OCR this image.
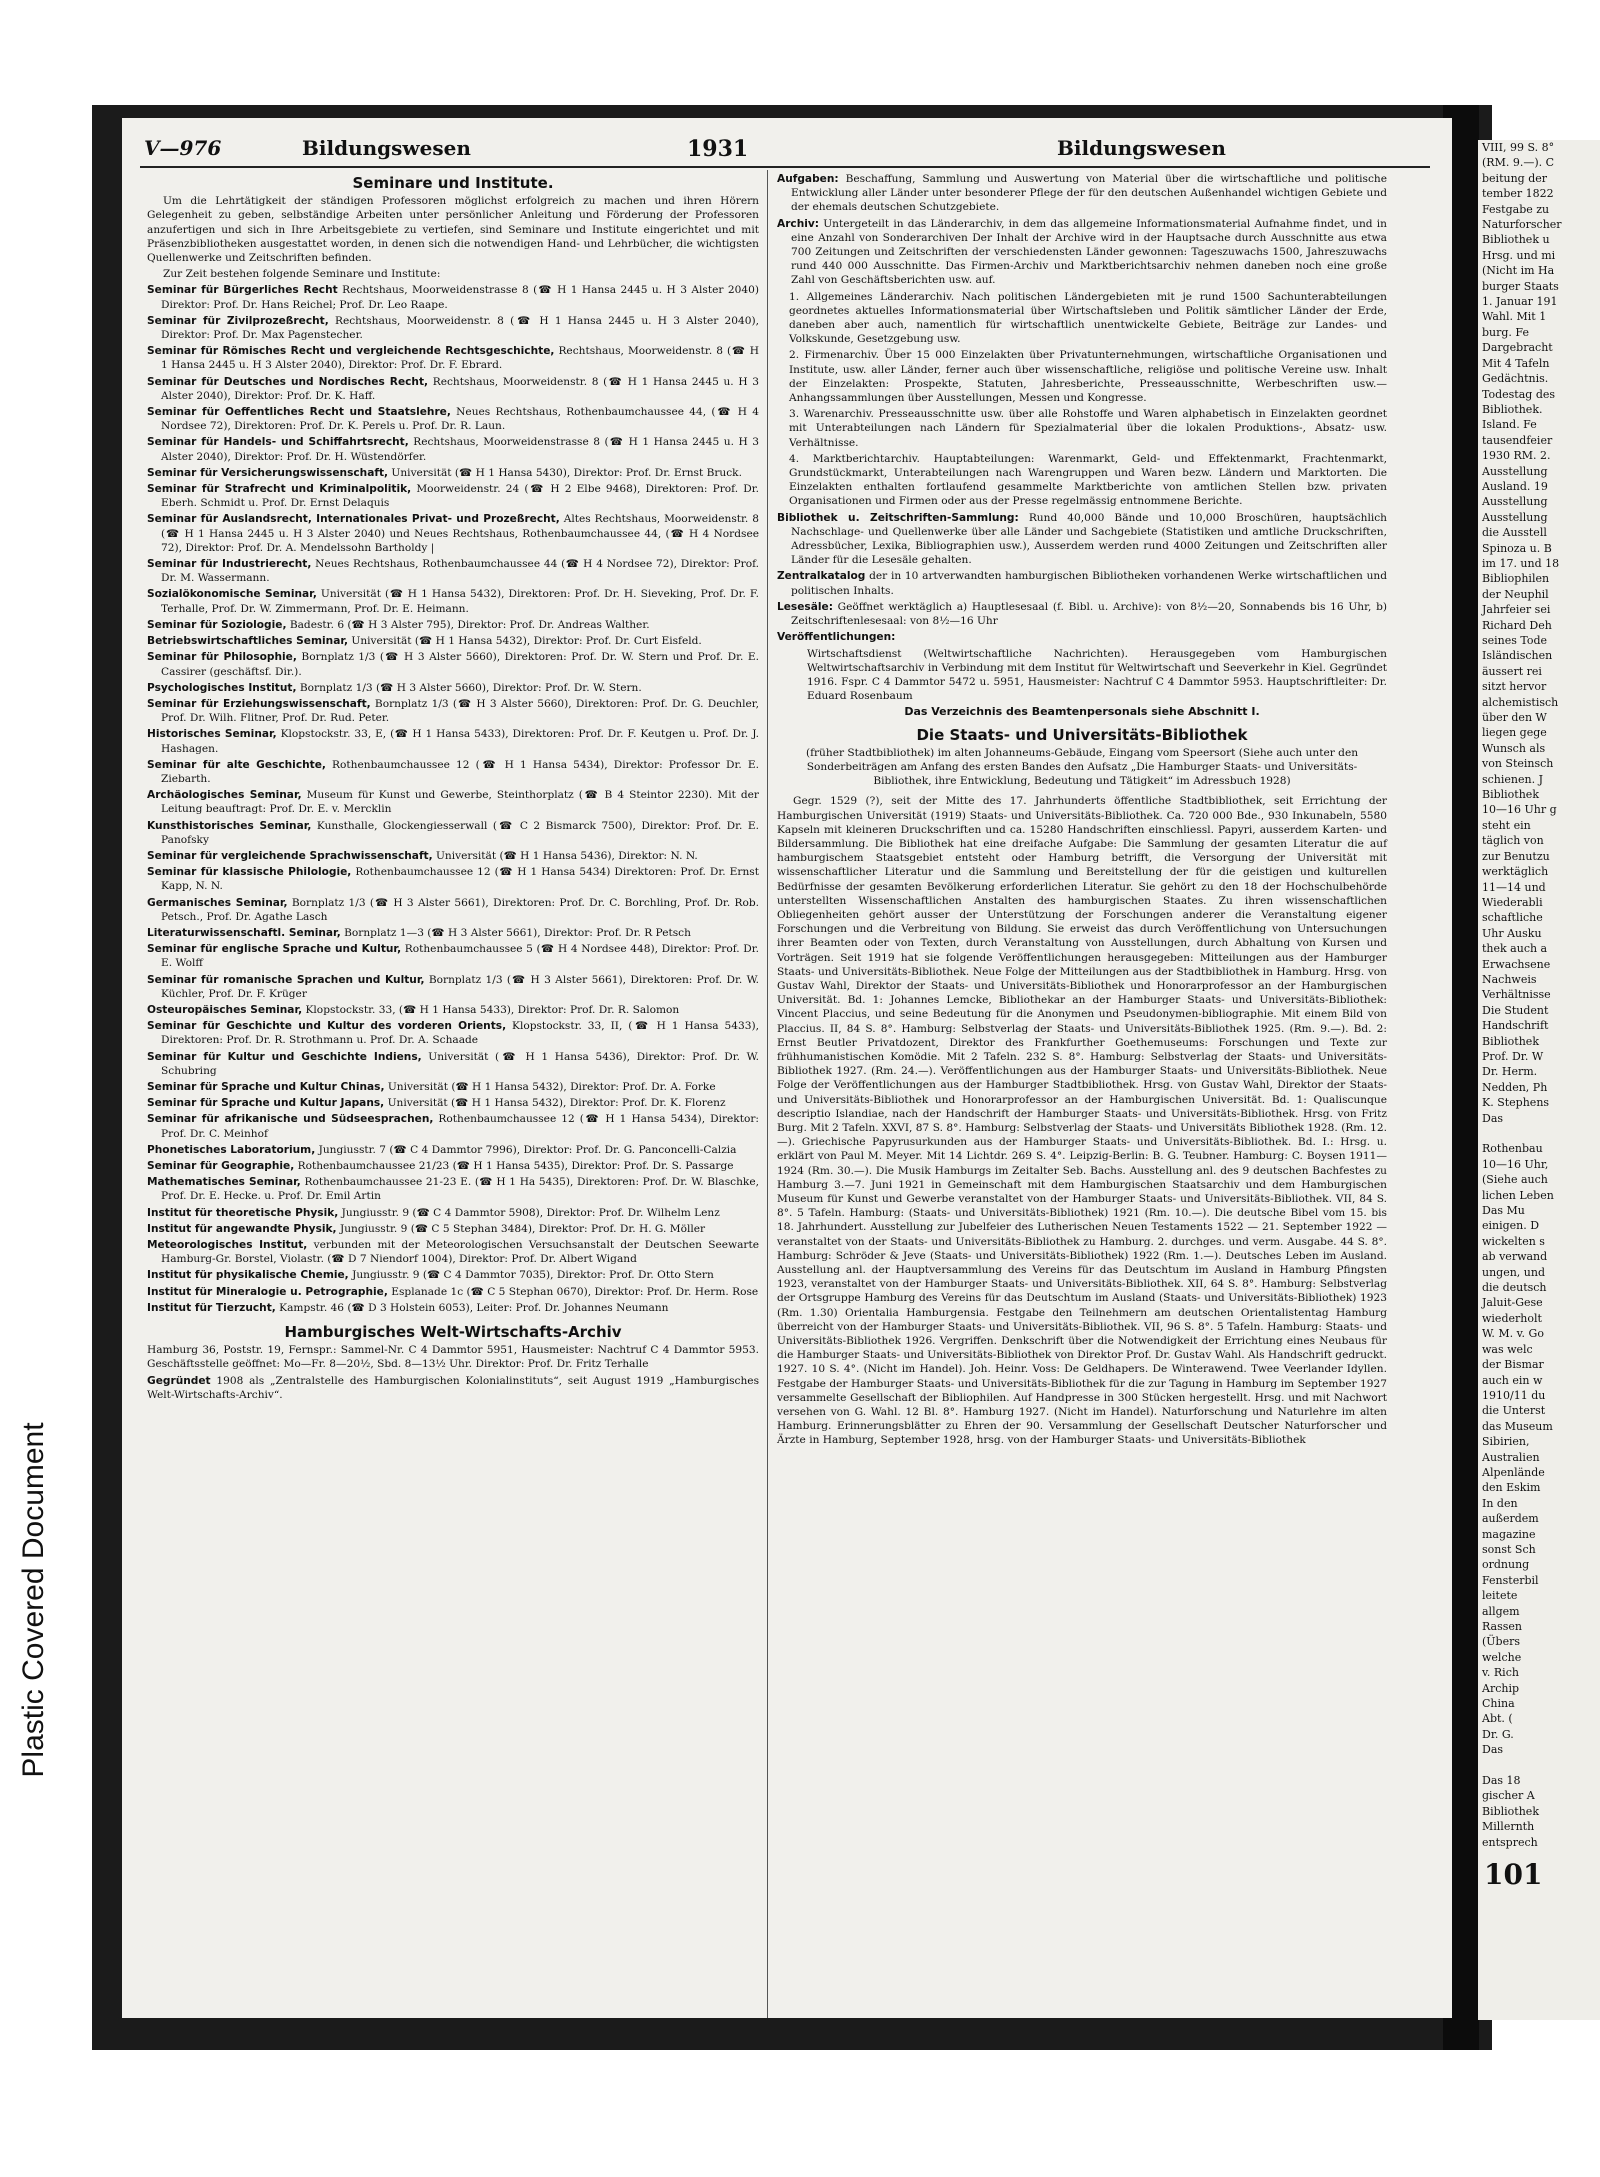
Plastic Covered Document
VIII, 99 S. 8°
(RM. 9.—). C
beitung der
tember 1822
Festgabe zu
Naturforscher
Bibliothek u
Hrsg. und mi
(Nicht im Ha
burger Staats
1. Januar 191
Wahl. Mit 1
burg. Fe
Dargebracht
Mit 4 Tafeln
Gedächtnis.
Todestag des
Bibliothek.
Island. Fe
tausendfeier
1930 RM. 2.
Ausstellung
Ausland. 19
Ausstellung
Ausstellung
die Ausstell
Spinoza u. B
im 17. und 18
Bibliophilen
der Neuphil
Jahrfeier sei
Richard Deh
seines Tode
Isländischen
äussert rei
sitzt hervor
alchemistisch
über den W
liegen gege
Wunsch als
von Steinsch
schienen. J
Bibliothek
10—16 Uhr g
steht ein
täglich von
zur Benutzu
werktäglich
11—14 und
Wiederabli
schaftliche
Uhr Ausku
thek auch a
Erwachsene
Nachweis
Verhältnisse
Die Student
Handschrift
Bibliothek
Prof. Dr. W
Dr. Herm.
Nedden, Ph
K. Stephens
Das

Rothenbau
10—16 Uhr,
(Siehe auch
lichen Leben
Das Mu
einigen. D
wickelten s
ab verwand
ungen, und
die deutsch
Jaluit-Gese
wiederholt
W. M. v. Go
was welc
der Bismar
auch ein w
1910/11 du
die Unterst
das Museum
Sibirien,
Australien
Alpenlände
den Eskim
In den
außerdem
magazine
sonst Sch
ordnung
Fensterbil
leitete
allgem
Rassen
(Übers
welche
v. Rich
Archip
China
Abt. (
Dr. G.
Das

Das 18
gischer A
Bibliothek
Millernth
entsprech
101
V—976	Bildungswesen	1931	Bildungswesen
Seminare und Institute.
Um die Lehrtätigkeit der ständigen Professoren möglichst erfolgreich zu machen und ihren Hörern Gelegenheit zu geben, selbständige Arbeiten unter persönlicher Anleitung und Förderung der Professoren anzufertigen und sich in Ihre Arbeitsgebiete zu vertiefen, sind Seminare und Institute eingerichtet und mit Präsenzbibliotheken ausgestattet worden, in denen sich die notwendigen Hand- und Lehrbücher, die wichtigsten Quellenwerke und Zeitschriften befinden.
Zur Zeit bestehen folgende Seminare und Institute:
Seminar für Bürgerliches Recht Rechtshaus, Moorweidenstrasse 8 (☎ H 1 Hansa 2445 u. H 3 Alster 2040) Direktor: Prof. Dr. Hans Reichel; Prof. Dr. Leo Raape.
Seminar für Zivilprozeßrecht, Rechtshaus, Moorweidenstr. 8 (☎ H 1 Hansa 2445 u. H 3 Alster 2040), Direktor: Prof. Dr. Max Pagenstecher.
Seminar für Römisches Recht und vergleichende Rechtsgeschichte, Rechtshaus, Moorweidenstr. 8 (☎ H 1 Hansa 2445 u. H 3 Alster 2040), Direktor: Prof. Dr. F. Ebrard.
Seminar für Deutsches und Nordisches Recht, Rechtshaus, Moorweidenstr. 8 (☎ H 1 Hansa 2445 u. H 3 Alster 2040), Direktor: Prof. Dr. K. Haff.
Seminar für Oeffentliches Recht und Staatslehre, Neues Rechtshaus, Rothenbaumchaussee 44, (☎ H 4 Nordsee 72), Direktoren: Prof. Dr. K. Perels u. Prof. Dr. R. Laun.
Seminar für Handels- und Schiffahrtsrecht, Rechtshaus, Moorweidenstrasse 8 (☎ H 1 Hansa 2445 u. H 3 Alster 2040), Direktor: Prof. Dr. H. Wüstendörfer.
Seminar für Versicherungswissenschaft, Universität (☎ H 1 Hansa 5430), Direktor: Prof. Dr. Ernst Bruck.
Seminar für Strafrecht und Kriminalpolitik, Moorweidenstr. 24 (☎ H 2 Elbe 9468), Direktoren: Prof. Dr. Eberh. Schmidt u. Prof. Dr. Ernst Delaquis
Seminar für Auslandsrecht, Internationales Privat- und Prozeßrecht, Altes Rechtshaus, Moorweidenstr. 8 (☎ H 1 Hansa 2445 u. H 3 Alster 2040) und Neues Rechtshaus, Rothenbaumchaussee 44, (☎ H 4 Nordsee 72), Direktor: Prof. Dr. A. Mendelssohn Bartholdy |
Seminar für Industrierecht, Neues Rechtshaus, Rothenbaumchaussee 44 (☎ H 4 Nordsee 72), Direktor: Prof. Dr. M. Wassermann.
Sozialökonomische Seminar, Universität (☎ H 1 Hansa 5432), Direktoren: Prof. Dr. H. Sieveking, Prof. Dr. F. Terhalle, Prof. Dr. W. Zimmermann, Prof. Dr. E. Heimann.
Seminar für Soziologie, Badestr. 6 (☎ H 3 Alster 795), Direktor: Prof. Dr. Andreas Walther.
Betriebswirtschaftliches Seminar, Universität (☎ H 1 Hansa 5432), Direktor: Prof. Dr. Curt Eisfeld.
Seminar für Philosophie, Bornplatz 1/3 (☎ H 3 Alster 5660), Direktoren: Prof. Dr. W. Stern und Prof. Dr. E. Cassirer (geschäftsf. Dir.).
Psychologisches Institut, Bornplatz 1/3 (☎ H 3 Alster 5660), Direktor: Prof. Dr. W. Stern.
Seminar für Erziehungswissenschaft, Bornplatz 1/3 (☎ H 3 Alster 5660), Direktoren: Prof. Dr. G. Deuchler, Prof. Dr. Wilh. Flitner, Prof. Dr. Rud. Peter.
Historisches Seminar, Klopstockstr. 33, E, (☎ H 1 Hansa 5433), Direktoren: Prof. Dr. F. Keutgen u. Prof. Dr. J. Hashagen.
Seminar für alte Geschichte, Rothenbaumchaussee 12 (☎ H 1 Hansa 5434), Direktor: Professor Dr. E. Ziebarth.
Archäologisches Seminar, Museum für Kunst und Gewerbe, Steinthorplatz (☎ B 4 Steintor 2230). Mit der Leitung beauftragt: Prof. Dr. E. v. Mercklin
Kunsthistorisches Seminar, Kunsthalle, Glockengiesserwall (☎ C 2 Bismarck 7500), Direktor: Prof. Dr. E. Panofsky
Seminar für vergleichende Sprachwissenschaft, Universität (☎ H 1 Hansa 5436), Direktor: N. N.
Seminar für klassische Philologie, Rothenbaumchaussee 12 (☎ H 1 Hansa 5434) Direktoren: Prof. Dr. Ernst Kapp, N. N.
Germanisches Seminar, Bornplatz 1/3 (☎ H 3 Alster 5661), Direktoren: Prof. Dr. C. Borchling, Prof. Dr. Rob. Petsch., Prof. Dr. Agathe Lasch
Literaturwissenschaftl. Seminar, Bornplatz 1—3 (☎ H 3 Alster 5661), Direktor: Prof. Dr. R Petsch
Seminar für englische Sprache und Kultur, Rothenbaumchaussee 5 (☎ H 4 Nordsee 448), Direktor: Prof. Dr. E. Wolff
Seminar für romanische Sprachen und Kultur, Bornplatz 1/3 (☎ H 3 Alster 5661), Direktoren: Prof. Dr. W. Küchler, Prof. Dr. F. Krüger
Osteuropäisches Seminar, Klopstockstr. 33, (☎ H 1 Hansa 5433), Direktor: Prof. Dr. R. Salomon
Seminar für Geschichte und Kultur des vorderen Orients, Klopstockstr. 33, II, (☎ H 1 Hansa 5433), Direktoren: Prof. Dr. R. Strothmann u. Prof. Dr. A. Schaade
Seminar für Kultur und Geschichte Indiens, Universität (☎ H 1 Hansa 5436), Direktor: Prof. Dr. W. Schubring
Seminar für Sprache und Kultur Chinas, Universität (☎ H 1 Hansa 5432), Direktor: Prof. Dr. A. Forke
Seminar für Sprache und Kultur Japans, Universität (☎ H 1 Hansa 5432), Direktor: Prof. Dr. K. Florenz
Seminar für afrikanische und Südseesprachen, Rothenbaumchaussee 12 (☎ H 1 Hansa 5434), Direktor: Prof. Dr. C. Meinhof
Phonetisches Laboratorium, Jungiusstr. 7 (☎ C 4 Dammtor 7996), Direktor: Prof. Dr. G. Panconcelli-Calzia
Seminar für Geographie, Rothenbaumchaussee 21/23 (☎ H 1 Hansa 5435), Direktor: Prof. Dr. S. Passarge
Mathematisches Seminar, Rothenbaumchaussee 21-23 E. (☎ H 1 Ha 5435), Direktoren: Prof. Dr. W. Blaschke, Prof. Dr. E. Hecke. u. Prof. Dr. Emil Artin
Institut für theoretische Physik, Jungiusstr. 9 (☎ C 4 Dammtor 5908), Direktor: Prof. Dr. Wilhelm Lenz
Institut für angewandte Physik, Jungiusstr. 9 (☎ C 5 Stephan 3484), Direktor: Prof. Dr. H. G. Möller
Meteorologisches Institut, verbunden mit der Meteorologischen Versuchsanstalt der Deutschen Seewarte Hamburg-Gr. Borstel, Violastr. (☎ D 7 Niendorf 1004), Direktor: Prof. Dr. Albert Wigand
Institut für physikalische Chemie, Jungiusstr. 9 (☎ C 4 Dammtor 7035), Direktor: Prof. Dr. Otto Stern
Institut für Mineralogie u. Petrographie, Esplanade 1c (☎ C 5 Stephan 0670), Direktor: Prof. Dr. Herm. Rose
Institut für Tierzucht, Kampstr. 46 (☎ D 3 Holstein 6053), Leiter: Prof. Dr. Johannes Neumann
Hamburgisches Welt-Wirtschafts-Archiv
Hamburg 36, Poststr. 19, Fernspr.: Sammel-Nr. C 4 Dammtor 5951, Hausmeister: Nachtruf C 4 Dammtor 5953. Geschäftsstelle geöffnet: Mo—Fr. 8—20½, Sbd. 8—13½ Uhr. Direktor: Prof. Dr. Fritz Terhalle
Gegründet 1908 als „Zentralstelle des Hamburgischen Kolonialinstituts“, seit August 1919 „Hamburgisches Welt-Wirtschafts-Archiv“.
Aufgaben: Beschaffung, Sammlung und Auswertung von Material über die wirtschaftliche und politische Entwicklung aller Länder unter besonderer Pflege der für den deutschen Außenhandel wichtigen Gebiete und der ehemals deutschen Schutzgebiete.
Archiv: Untergeteilt in das Länderarchiv, in dem das allgemeine Informationsmaterial Aufnahme findet, und in eine Anzahl von Sonderarchiven Der Inhalt der Archive wird in der Hauptsache durch Ausschnitte aus etwa 700 Zeitungen und Zeitschriften der verschiedensten Länder gewonnen: Tageszuwachs 1500, Jahreszuwachs rund 440 000 Ausschnitte. Das Firmen-Archiv und Marktberichtsarchiv nehmen daneben noch eine große Zahl von Geschäftsberichten usw. auf.
1. Allgemeines Länderarchiv. Nach politischen Ländergebieten mit je rund 1500 Sachunterabteilungen geordnetes aktuelles Informationsmaterial über Wirtschaftsleben und Politik sämtlicher Länder der Erde, daneben aber auch, namentlich für wirtschaftlich unentwickelte Gebiete, Beiträge zur Landes- und Volkskunde, Gesetzgebung usw.
2. Firmenarchiv. Über 15 000 Einzelakten über Privatunternehmungen, wirtschaftliche Organisationen und Institute, usw. aller Länder, ferner auch über wissenschaftliche, religiöse und politische Vereine usw. Inhalt der Einzelakten: Prospekte, Statuten, Jahresberichte, Presseausschnitte, Werbeschriften usw.— Anhangssammlungen über Ausstellungen, Messen und Kongresse.
3. Warenarchiv. Presseausschnitte usw. über alle Rohstoffe und Waren alphabetisch in Einzelakten geordnet mit Unterabteilungen nach Ländern für Spezialmaterial über die lokalen Produktions-, Absatz- usw. Verhältnisse.
4. Marktberichtarchiv. Hauptabteilungen: Warenmarkt, Geld- und Effektenmarkt, Frachtenmarkt, Grundstückmarkt, Unterabteilungen nach Warengruppen und Waren bezw. Ländern und Marktorten. Die Einzelakten enthalten fortlaufend gesammelte Marktberichte von amtlichen Stellen bzw. privaten Organisationen und Firmen oder aus der Presse regelmässig entnommene Berichte.
Bibliothek u. Zeitschriften-Sammlung: Rund 40,000 Bände und 10,000 Broschüren, hauptsächlich Nachschlage- und Quellenwerke über alle Länder und Sachgebiete (Statistiken und amtliche Druckschriften, Adressbücher, Lexika, Bibliographien usw.), Ausserdem werden rund 4000 Zeitungen und Zeitschriften aller Länder für die Lesesäle gehalten.
Zentralkatalog der in 10 artverwandten hamburgischen Bibliotheken vorhandenen Werke wirtschaftlichen und politischen Inhalts.
Lesesäle: Geöffnet werktäglich a) Hauptlesesaal (f. Bibl. u. Archive): von 8½—20, Sonnabends bis 16 Uhr, b) Zeitschriftenlesesaal: von 8½—16 Uhr
Veröffentlichungen:
Wirtschaftsdienst (Weltwirtschaftliche Nachrichten). Herausgegeben vom Hamburgischen Weltwirtschaftsarchiv in Verbindung mit dem Institut für Weltwirtschaft und Seeverkehr in Kiel. Gegründet 1916. Fspr. C 4 Dammtor 5472 u. 5951, Hausmeister: Nachtruf C 4 Dammtor 5953. Hauptschriftleiter: Dr. Eduard Rosenbaum
Das Verzeichnis des Beamtenpersonals siehe Abschnitt I.
Die Staats- und Universitäts-Bibliothek
(früher Stadtbibliothek) im alten Johanneums-Gebäude, Eingang vom Speersort (Siehe auch unter den Sonderbeiträgen am Anfang des ersten Bandes den Aufsatz „Die Hamburger Staats- und Universitäts-Bibliothek, ihre Entwicklung, Bedeutung und Tätigkeit“ im Adressbuch 1928)
Gegr. 1529 (?), seit der Mitte des 17. Jahrhunderts öffentliche Stadtbibliothek, seit Errichtung der Hamburgischen Universität (1919) Staats- und Universitäts-Bibliothek. Ca. 720 000 Bde., 930 Inkunabeln, 5580 Kapseln mit kleineren Druckschriften und ca. 15280 Handschriften einschliessl. Papyri, ausserdem Karten- und Bildersammlung. Die Bibliothek hat eine dreifache Aufgabe: Die Sammlung der gesamten Literatur die auf hamburgischem Staatsgebiet entsteht oder Hamburg betrifft, die Versorgung der Universität mit wissenschaftlicher Literatur und die Sammlung und Bereitstellung der für die geistigen und kulturellen Bedürfnisse der gesamten Bevölkerung erforderlichen Literatur. Sie gehört zu den 18 der Hochschulbehörde unterstellten Wissenschaftlichen Anstalten des hamburgischen Staates. Zu ihren wissenschaftlichen Obliegenheiten gehört ausser der Unterstützung der Forschungen anderer die Veranstaltung eigener Forschungen und die Verbreitung von Bildung. Sie erweist das durch Veröffentlichung von Untersuchungen ihrer Beamten oder von Texten, durch Veranstaltung von Ausstellungen, durch Abhaltung von Kursen und Vorträgen. Seit 1919 hat sie folgende Veröffentlichungen herausgegeben: Mitteilungen aus der Hamburger Staats- und Universitäts-Bibliothek. Neue Folge der Mitteilungen aus der Stadtbibliothek in Hamburg. Hrsg. von Gustav Wahl, Direktor der Staats- und Universitäts-Bibliothek und Honorarprofessor an der Hamburgischen Universität. Bd. 1: Johannes Lemcke, Bibliothekar an der Hamburger Staats- und Universitäts-Bibliothek: Vincent Placcius, und seine Bedeutung für die Anonymen und Pseudonymen-bibliographie. Mit einem Bild von Placcius. II, 84 S. 8°. Hamburg: Selbstverlag der Staats- und Universitäts-Bibliothek 1925. (Rm. 9.—). Bd. 2: Ernst Beutler Privatdozent, Direktor des Frankfurther Goethemuseums: Forschungen und Texte zur frühhumanistischen Komödie. Mit 2 Tafeln. 232 S. 8°. Hamburg: Selbstverlag der Staats- und Universitäts-Bibliothek 1927. (Rm. 24.—). Veröffentlichungen aus der Hamburger Staats- und Universitäts-Bibliothek. Neue Folge der Veröffentlichungen aus der Hamburger Stadtbibliothek. Hrsg. von Gustav Wahl, Direktor der Staats- und Universitäts-Bibliothek und Honorarprofessor an der Hamburgischen Universität. Bd. 1: Qualiscunque descriptio Islandiae, nach der Handschrift der Hamburger Staats- und Universitäts-Bibliothek. Hrsg. von Fritz Burg. Mit 2 Tafeln. XXVI, 87 S. 8°. Hamburg: Selbstverlag der Staats- und Universitäts Bibliothek 1928. (Rm. 12.—). Griechische Papyrusurkunden aus der Hamburger Staats- und Universitäts-Bibliothek. Bd. I.: Hrsg. u. erklärt von Paul M. Meyer. Mit 14 Lichtdr. 269 S. 4°. Leipzig-Berlin: B. G. Teubner. Hamburg: C. Boysen 1911—1924 (Rm. 30.—). Die Musik Hamburgs im Zeitalter Seb. Bachs. Ausstellung anl. des 9 deutschen Bachfestes zu Hamburg 3.—7. Juni 1921 in Gemeinschaft mit dem Hamburgischen Staatsarchiv und dem Hamburgischen Museum für Kunst und Gewerbe veranstaltet von der Hamburger Staats- und Universitäts-Bibliothek. VII, 84 S. 8°. 5 Tafeln. Hamburg: (Staats- und Universitäts-Bibliothek) 1921 (Rm. 10.—). Die deutsche Bibel vom 15. bis 18. Jahrhundert. Ausstellung zur Jubelfeier des Lutherischen Neuen Testaments 1522 — 21. September 1922 — veranstaltet von der Staats- und Universitäts-Bibliothek zu Hamburg. 2. durchges. und verm. Ausgabe. 44 S. 8°. Hamburg: Schröder & Jeve (Staats- und Universitäts-Bibliothek) 1922 (Rm. 1.—). Deutsches Leben im Ausland. Ausstellung anl. der Hauptversammlung des Vereins für das Deutschtum im Ausland in Hamburg Pfingsten 1923, veranstaltet von der Hamburger Staats- und Universitäts-Bibliothek. XII, 64 S. 8°. Hamburg: Selbstverlag der Ortsgruppe Hamburg des Vereins für das Deutschtum im Ausland (Staats- und Universitäts-Bibliothek) 1923 (Rm. 1.30) Orientalia Hamburgensia. Festgabe den Teilnehmern am deutschen Orientalistentag Hamburg überreicht von der Hamburger Staats- und Universitäts-Bibliothek. VII, 96 S. 8°. 5 Tafeln. Hamburg: Staats- und Universitäts-Bibliothek 1926. Vergriffen. Denkschrift über die Notwendigkeit der Errichtung eines Neubaus für die Hamburger Staats- und Universitäts-Bibliothek von Direktor Prof. Dr. Gustav Wahl. Als Handschrift gedruckt. 1927. 10 S. 4°. (Nicht im Handel). Joh. Heinr. Voss: De Geldhapers. De Winterawend. Twee Veerlander Idyllen. Festgabe der Hamburger Staats- und Universitäts-Bibliothek für die zur Tagung in Hamburg im September 1927 versammelte Gesellschaft der Bibliophilen. Auf Handpresse in 300 Stücken hergestellt. Hrsg. und mit Nachwort versehen von G. Wahl. 12 Bl. 8°. Hamburg 1927. (Nicht im Handel). Naturforschung und Naturlehre im alten Hamburg. Erinnerungsblätter zu Ehren der 90. Versammlung der Gesellschaft Deutscher Naturforscher und Ärzte in Hamburg, September 1928, hrsg. von der Hamburger Staats- und Universitäts-Bibliothek
